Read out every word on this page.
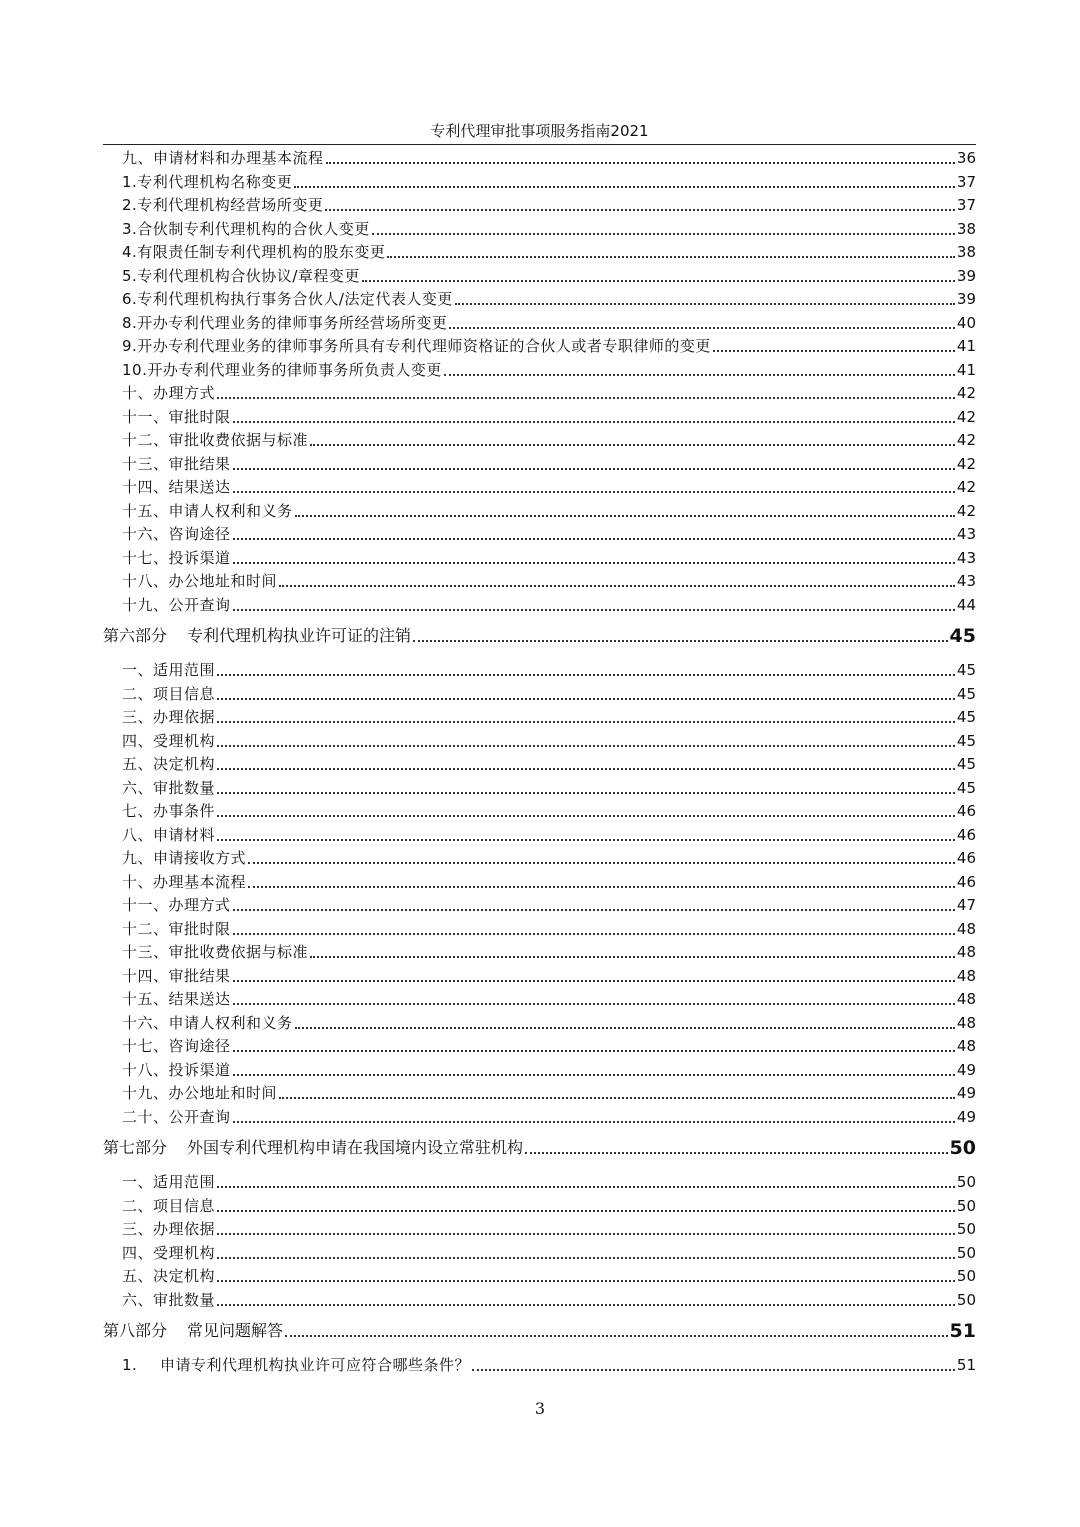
专利代理审批事项服务指南2021
九、申请材料和办理基本流程	36
1.专利代理机构名称变更	37
2.专利代理机构经营场所变更	37
3.合伙制专利代理机构的合伙人变更	38
4.有限责任制专利代理机构的股东变更	38
5.专利代理机构合伙协议/章程变更	39
6.专利代理机构执行事务合伙人/法定代表人变更	39
8.开办专利代理业务的律师事务所经营场所变更	40
9.开办专利代理业务的律师事务所具有专利代理师资格证的合伙人或者专职律师的变更	41
10.开办专利代理业务的律师事务所负责人变更	41
十、办理方式	42
十一、审批时限	42
十二、审批收费依据与标准	42
十三、审批结果	42
十四、结果送达	42
十五、申请人权利和义务	42
十六、咨询途径	43
十七、投诉渠道	43
十八、办公地址和时间	43
十九、公开查询	44
第六部分 专利代理机构执业许可证的注销	45
一、适用范围	45
二、项目信息	45
三、办理依据	45
四、受理机构	45
五、决定机构	45
六、审批数量	45
七、办事条件	46
八、申请材料	46
九、申请接收方式	46
十、办理基本流程	46
十一、办理方式	47
十二、审批时限	48
十三、审批收费依据与标准	48
十四、审批结果	48
十五、结果送达	48
十六、申请人权利和义务	48
十七、咨询途径	48
十八、投诉渠道	49
十九、办公地址和时间	49
二十、公开查询	49
第七部分 外国专利代理机构申请在我国境内设立常驻机构	50
一、适用范围	50
二、项目信息	50
三、办理依据	50
四、受理机构	50
五、决定机构	50
六、审批数量	50
第八部分 常见问题解答	51
1. 申请专利代理机构执业许可应符合哪些条件？	51
3
